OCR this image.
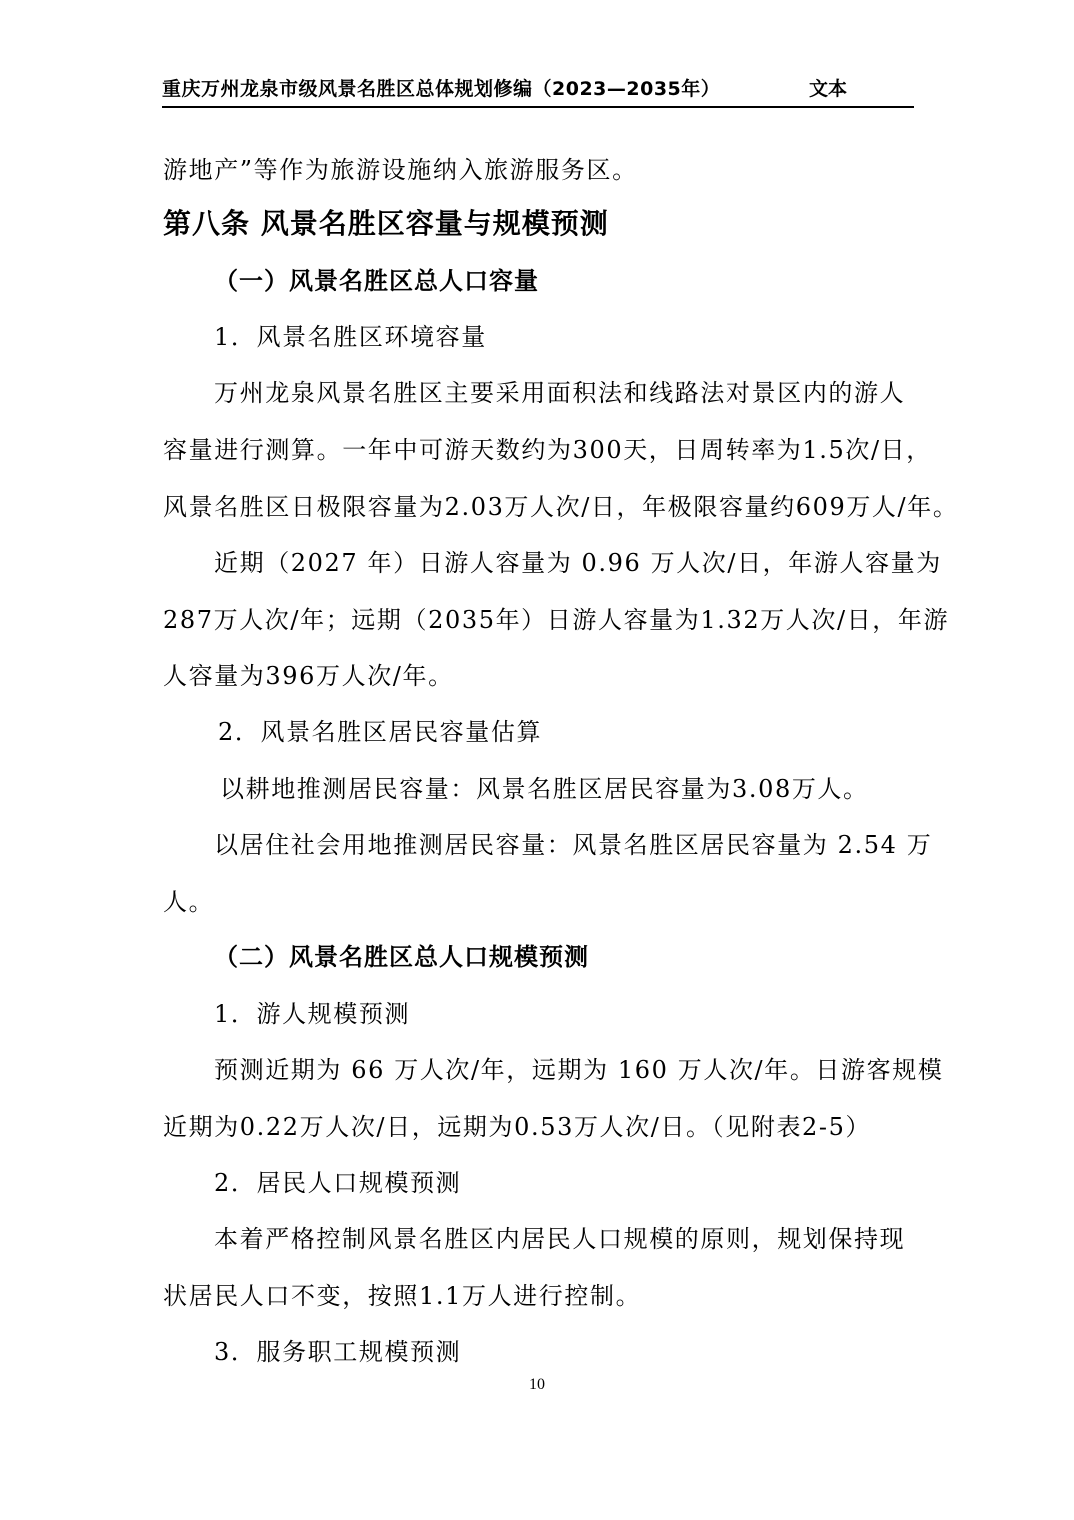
重庆万州龙泉市级风景名胜区总体规划修编（2023—2035年）	文本
游地产”等作为旅游设施纳入旅游服务区。
第八条 风景名胜区容量与规模预测
（一）风景名胜区总人口容量
1．风景名胜区环境容量
万州龙泉风景名胜区主要采用面积法和线路法对景区内的游人
容量进行测算。一年中可游天数约为300天，日周转率为1.5次/日，
风景名胜区日极限容量为2.03万人次/日，年极限容量约609万人/年。
近期（2027 年）日游人容量为 0.96 万人次/日，年游人容量为
287万人次/年；远期（2035年）日游人容量为1.32万人次/日，年游
人容量为396万人次/年。
2．风景名胜区居民容量估算
以耕地推测居民容量：风景名胜区居民容量为3.08万人。
以居住社会用地推测居民容量：风景名胜区居民容量为 2.54 万
人。
（二）风景名胜区总人口规模预测
1．游人规模预测
预测近期为 66 万人次/年，远期为 160 万人次/年。日游客规模
近期为0.22万人次/日，远期为0.53万人次/日。（见附表2-5）
2．居民人口规模预测
本着严格控制风景名胜区内居民人口规模的原则，规划保持现
状居民人口不变，按照1.1万人进行控制。
3．服务职工规模预测
10
